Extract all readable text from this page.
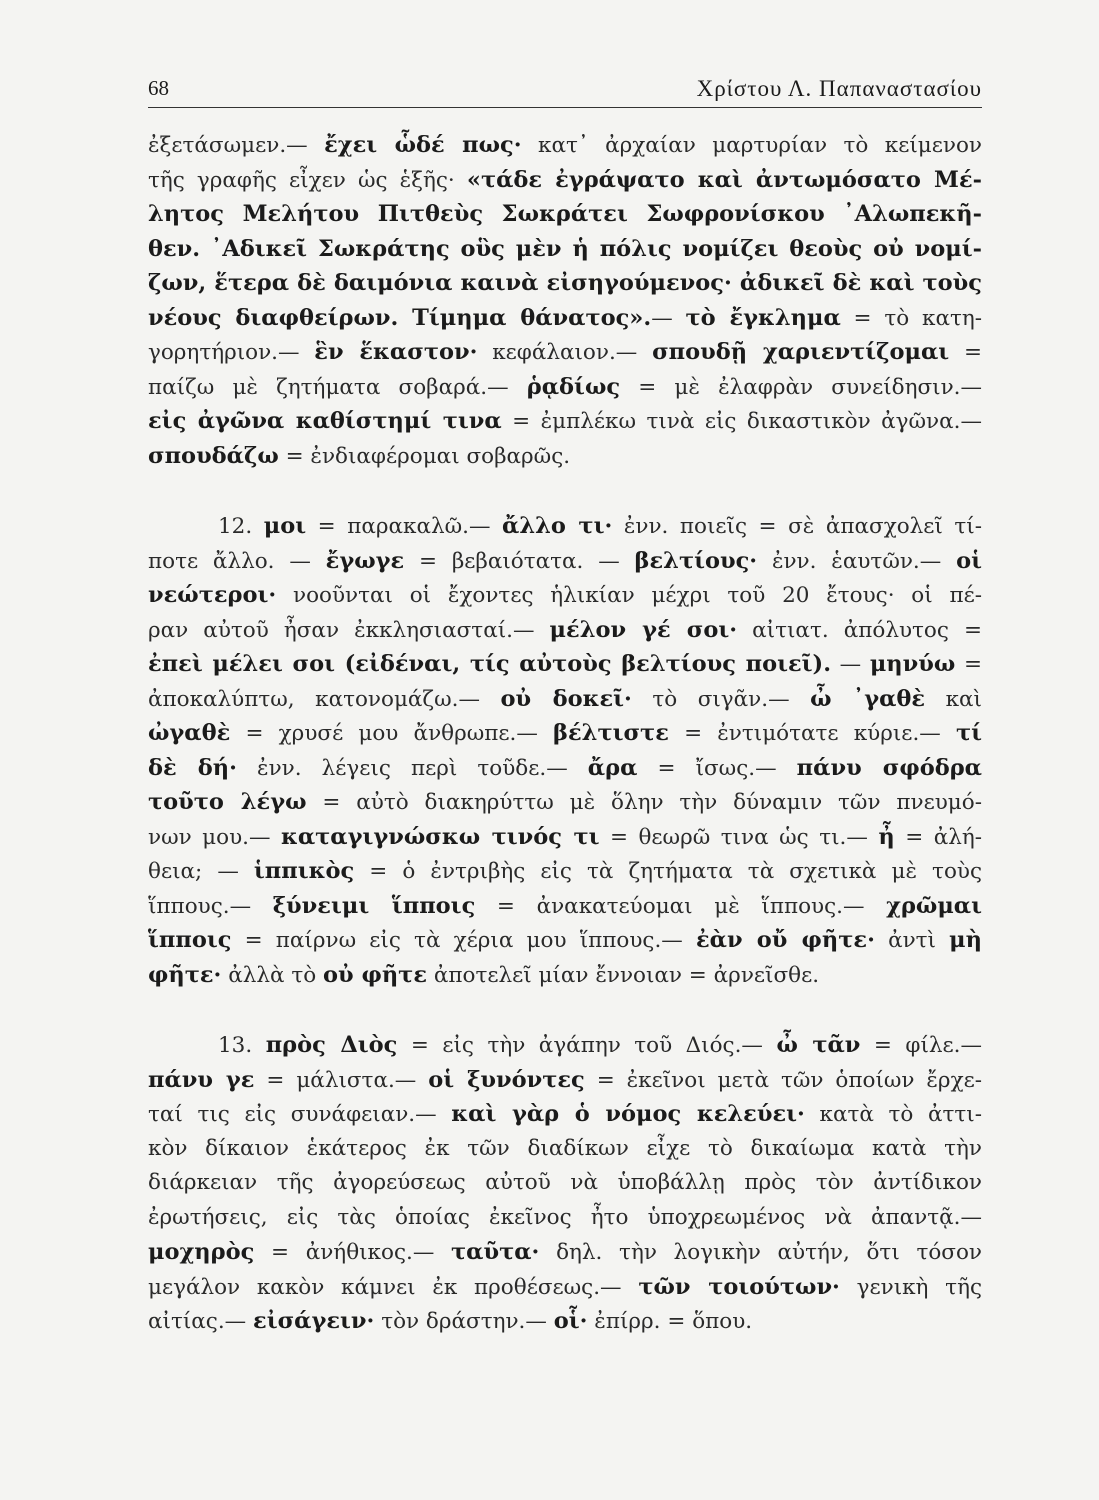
68	Χρίστου Λ. Παπαναστασίου
ἐξετάσωμεν.— ἔχει ὧδέ πως· κατ᾽ ἀρχαίαν μαρτυρίαν τὸ κείμενον
τῆς γραφῆς εἶχεν ὡς ἑξῆς· «τάδε ἐγράψατο καὶ ἀντωμόσατο Μέ-
λητος Μελήτου Πιτθεὺς Σωκράτει Σωφρονίσκου ᾽Αλωπεκῆ-
θεν. ᾽Αδικεῖ Σωκράτης οὓς μὲν ἡ πόλις νομίζει θεοὺς οὐ νομί-
ζων, ἕτερα δὲ δαιμόνια καινὰ εἰσηγούμενος· ἀδικεῖ δὲ καὶ τοὺς
νέους διαφθείρων. Τίμημα θάνατος».— τὸ ἔγκλημα = τὸ κατη-
γορητήριον.— ἓν ἕκαστον· κεφάλαιον.— σπουδῇ χαριεντίζομαι =
παίζω μὲ ζητήματα σοβαρά.— ῥᾳδίως = μὲ ἐλαφρὰν συνείδησιν.—
εἰς ἀγῶνα καθίστημί τινα = ἐμπλέκω τινὰ εἰς δικαστικὸν ἀγῶνα.—
σπουδάζω = ἐνδιαφέρομαι σοβαρῶς.
12. μοι = παρακαλῶ.— ἄλλο τι· ἐνν. ποιεῖς = σὲ ἀπασχολεῖ τί-
ποτε ἄλλο. — ἔγωγε = βεβαιότατα. — βελτίους· ἐνν. ἑαυτῶν.— οἱ
νεώτεροι· νοοῦνται οἱ ἔχοντες ἡλικίαν μέχρι τοῦ 20 ἔτους· οἱ πέ-
ραν αὐτοῦ ἦσαν ἐκκλησιασταί.— μέλον γέ σοι· αἰτιατ. ἀπόλυτος =
ἐπεὶ μέλει σοι (εἰδέναι, τίς αὐτοὺς βελτίους ποιεῖ). — μηνύω =
ἀποκαλύπτω, κατονομάζω.— οὐ δοκεῖ· τὸ σιγᾶν.— ὦ ᾽γαθὲ καὶ
ὠγαθὲ = χρυσέ μου ἄνθρωπε.— βέλτιστε = ἐντιμότατε κύριε.— τί
δὲ δή· ἐνν. λέγεις περὶ τοῦδε.— ἄρα = ἴσως.— πάνυ σφόδρα
τοῦτο λέγω = αὐτὸ διακηρύττω μὲ ὅλην τὴν δύναμιν τῶν πνευμό-
νων μου.— καταγιγνώσκω τινός τι = θεωρῶ τινα ὡς τι.— ἦ = ἀλή-
θεια; — ἱππικὸς = ὁ ἐντριβὴς εἰς τὰ ζητήματα τὰ σχετικὰ μὲ τοὺς
ἵππους.— ξύνειμι ἵπποις = ἀνακατεύομαι μὲ ἵππους.— χρῶμαι
ἵπποις = παίρνω εἰς τὰ χέρια μου ἵππους.— ἐὰν οὔ φῆτε· ἀντὶ μὴ
φῆτε· ἀλλὰ τὸ οὐ φῆτε ἀποτελεῖ μίαν ἔννοιαν = ἀρνεῖσθε.
13. πρὸς Διὸς = εἰς τὴν ἀγάπην τοῦ Διός.— ὦ τᾶν = φίλε.—
πάνυ γε = μάλιστα.— οἱ ξυνόντες = ἐκεῖνοι μετὰ τῶν ὁποίων ἔρχε-
ταί τις εἰς συνάφειαν.— καὶ γὰρ ὁ νόμος κελεύει· κατὰ τὸ ἀττι-
κὸν δίκαιον ἑκάτερος ἐκ τῶν διαδίκων εἶχε τὸ δικαίωμα κατὰ τὴν
διάρκειαν τῆς ἀγορεύσεως αὐτοῦ νὰ ὑποβάλλῃ πρὸς τὸν ἀντίδικον
ἐρωτήσεις, εἰς τὰς ὁποίας ἐκεῖνος ἦτο ὑποχρεωμένος νὰ ἀπαντᾷ.—
μοχηρὸς = ἀνήθικος.— ταῦτα· δηλ. τὴν λογικὴν αὐτήν, ὅτι τόσον
μεγάλον κακὸν κάμνει ἐκ προθέσεως.— τῶν τοιούτων· γενικὴ τῆς
αἰτίας.— εἰσάγειν· τὸν δράστην.— οἷ· ἐπίρρ. = ὅπου.
